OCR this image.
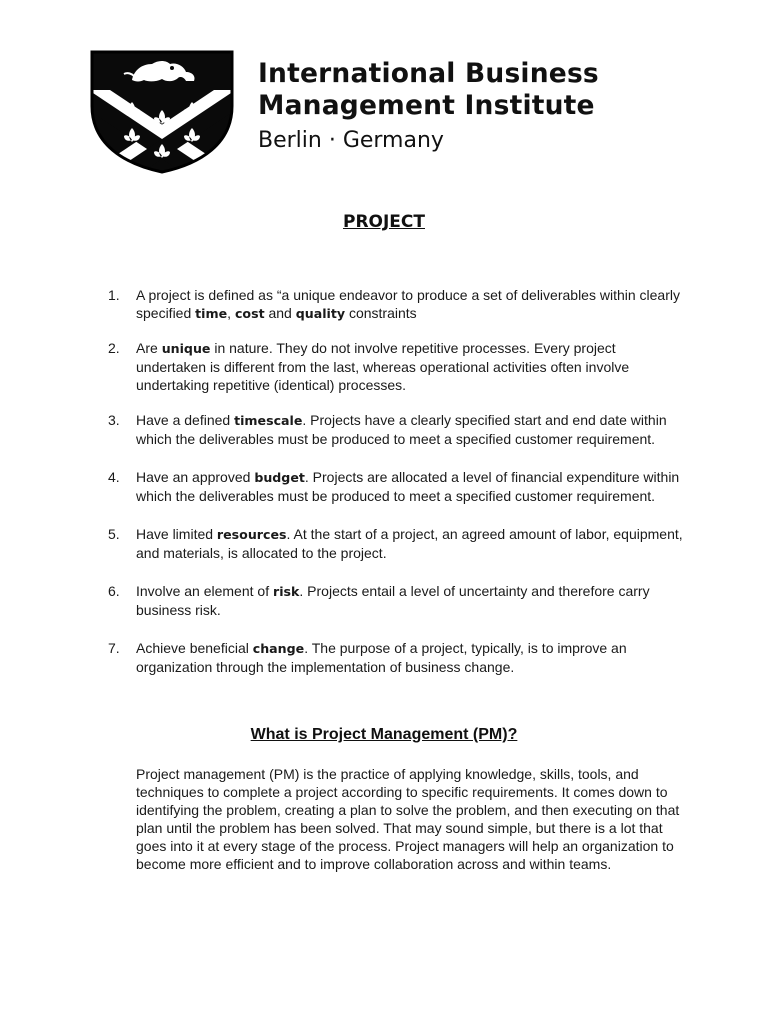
International Business
Management Institute
Berlin · Germany
PROJECT
1. A project is defined as “a unique endeavor to produce a set of deliverables within clearly specified time, cost and quality constraints
2. Are unique in nature. They do not involve repetitive processes. Every project undertaken is different from the last, whereas operational activities often involve undertaking repetitive (identical) processes.
3. Have a defined timescale. Projects have a clearly specified start and end date within which the deliverables must be produced to meet a specified customer requirement.
4. Have an approved budget. Projects are allocated a level of financial expenditure within which the deliverables must be produced to meet a specified customer requirement.
5. Have limited resources. At the start of a project, an agreed amount of labor, equipment, and materials, is allocated to the project.
6. Involve an element of risk. Projects entail a level of uncertainty and therefore carry business risk.
7. Achieve beneficial change. The purpose of a project, typically, is to improve an organization through the implementation of business change.
What is Project Management (PM)?
Project management (PM) is the practice of applying knowledge, skills, tools, and techniques to complete a project according to specific requirements. It comes down to identifying the problem, creating a plan to solve the problem, and then executing on that plan until the problem has been solved. That may sound simple, but there is a lot that goes into it at every stage of the process. Project managers will help an organization to become more efficient and to improve collaboration across and within teams.
